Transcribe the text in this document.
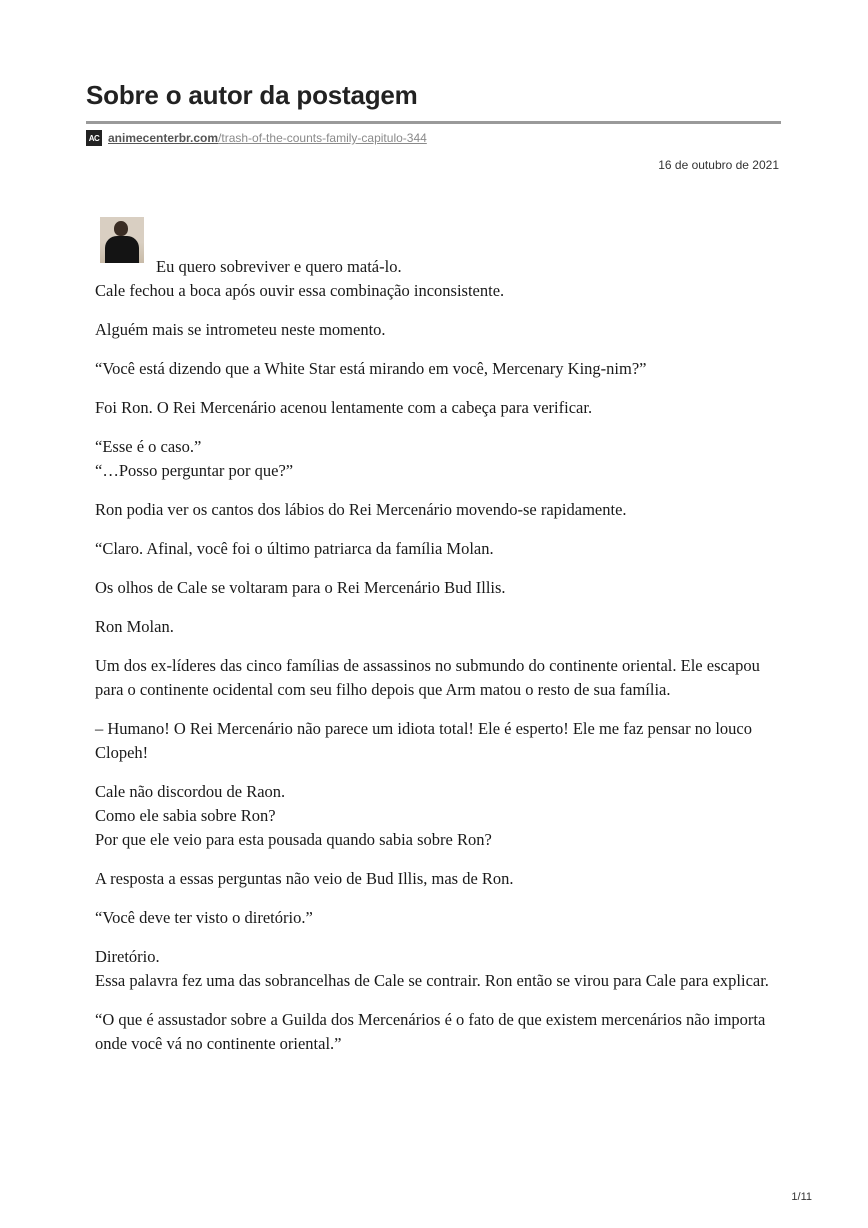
Sobre o autor da postagem
AC animecenterbr.com /trash-of-the-counts-family-capitulo-344
16 de outubro de 2021

Eu quero sobreviver e quero matá-lo.

Cale fechou a boca após ouvir essa combinação inconsistente.

Alguém mais se intrometeu neste momento.

“Você está dizendo que a White Star está mirando em você, Mercenary King-nim?”

Foi Ron. O Rei Mercenário acenou lentamente com a cabeça para verificar.

“Esse é o caso.”
“…Posso perguntar por que?”

Ron podia ver os cantos dos lábios do Rei Mercenário movendo-se rapidamente.

“Claro. Afinal, você foi o último patriarca da família Molan.

Os olhos de Cale se voltaram para o Rei Mercenário Bud Illis.

Ron Molan.

Um dos ex-líderes das cinco famílias de assassinos no submundo do continente oriental. Ele escapou para o continente ocidental com seu filho depois que Arm matou o resto de sua família.

– Humano! O Rei Mercenário não parece um idiota total! Ele é esperto! Ele me faz pensar no louco Clopeh!

Cale não discordou de Raon.
Como ele sabia sobre Ron?
Por que ele veio para esta pousada quando sabia sobre Ron?

A resposta a essas perguntas não veio de Bud Illis, mas de Ron.

“Você deve ter visto o diretório.”

Diretório.
Essa palavra fez uma das sobrancelhas de Cale se contrair. Ron então se virou para Cale para explicar.

“O que é assustador sobre a Guilda dos Mercenários é o fato de que existem mercenários não importa onde você vá no continente oriental.”

1/11
